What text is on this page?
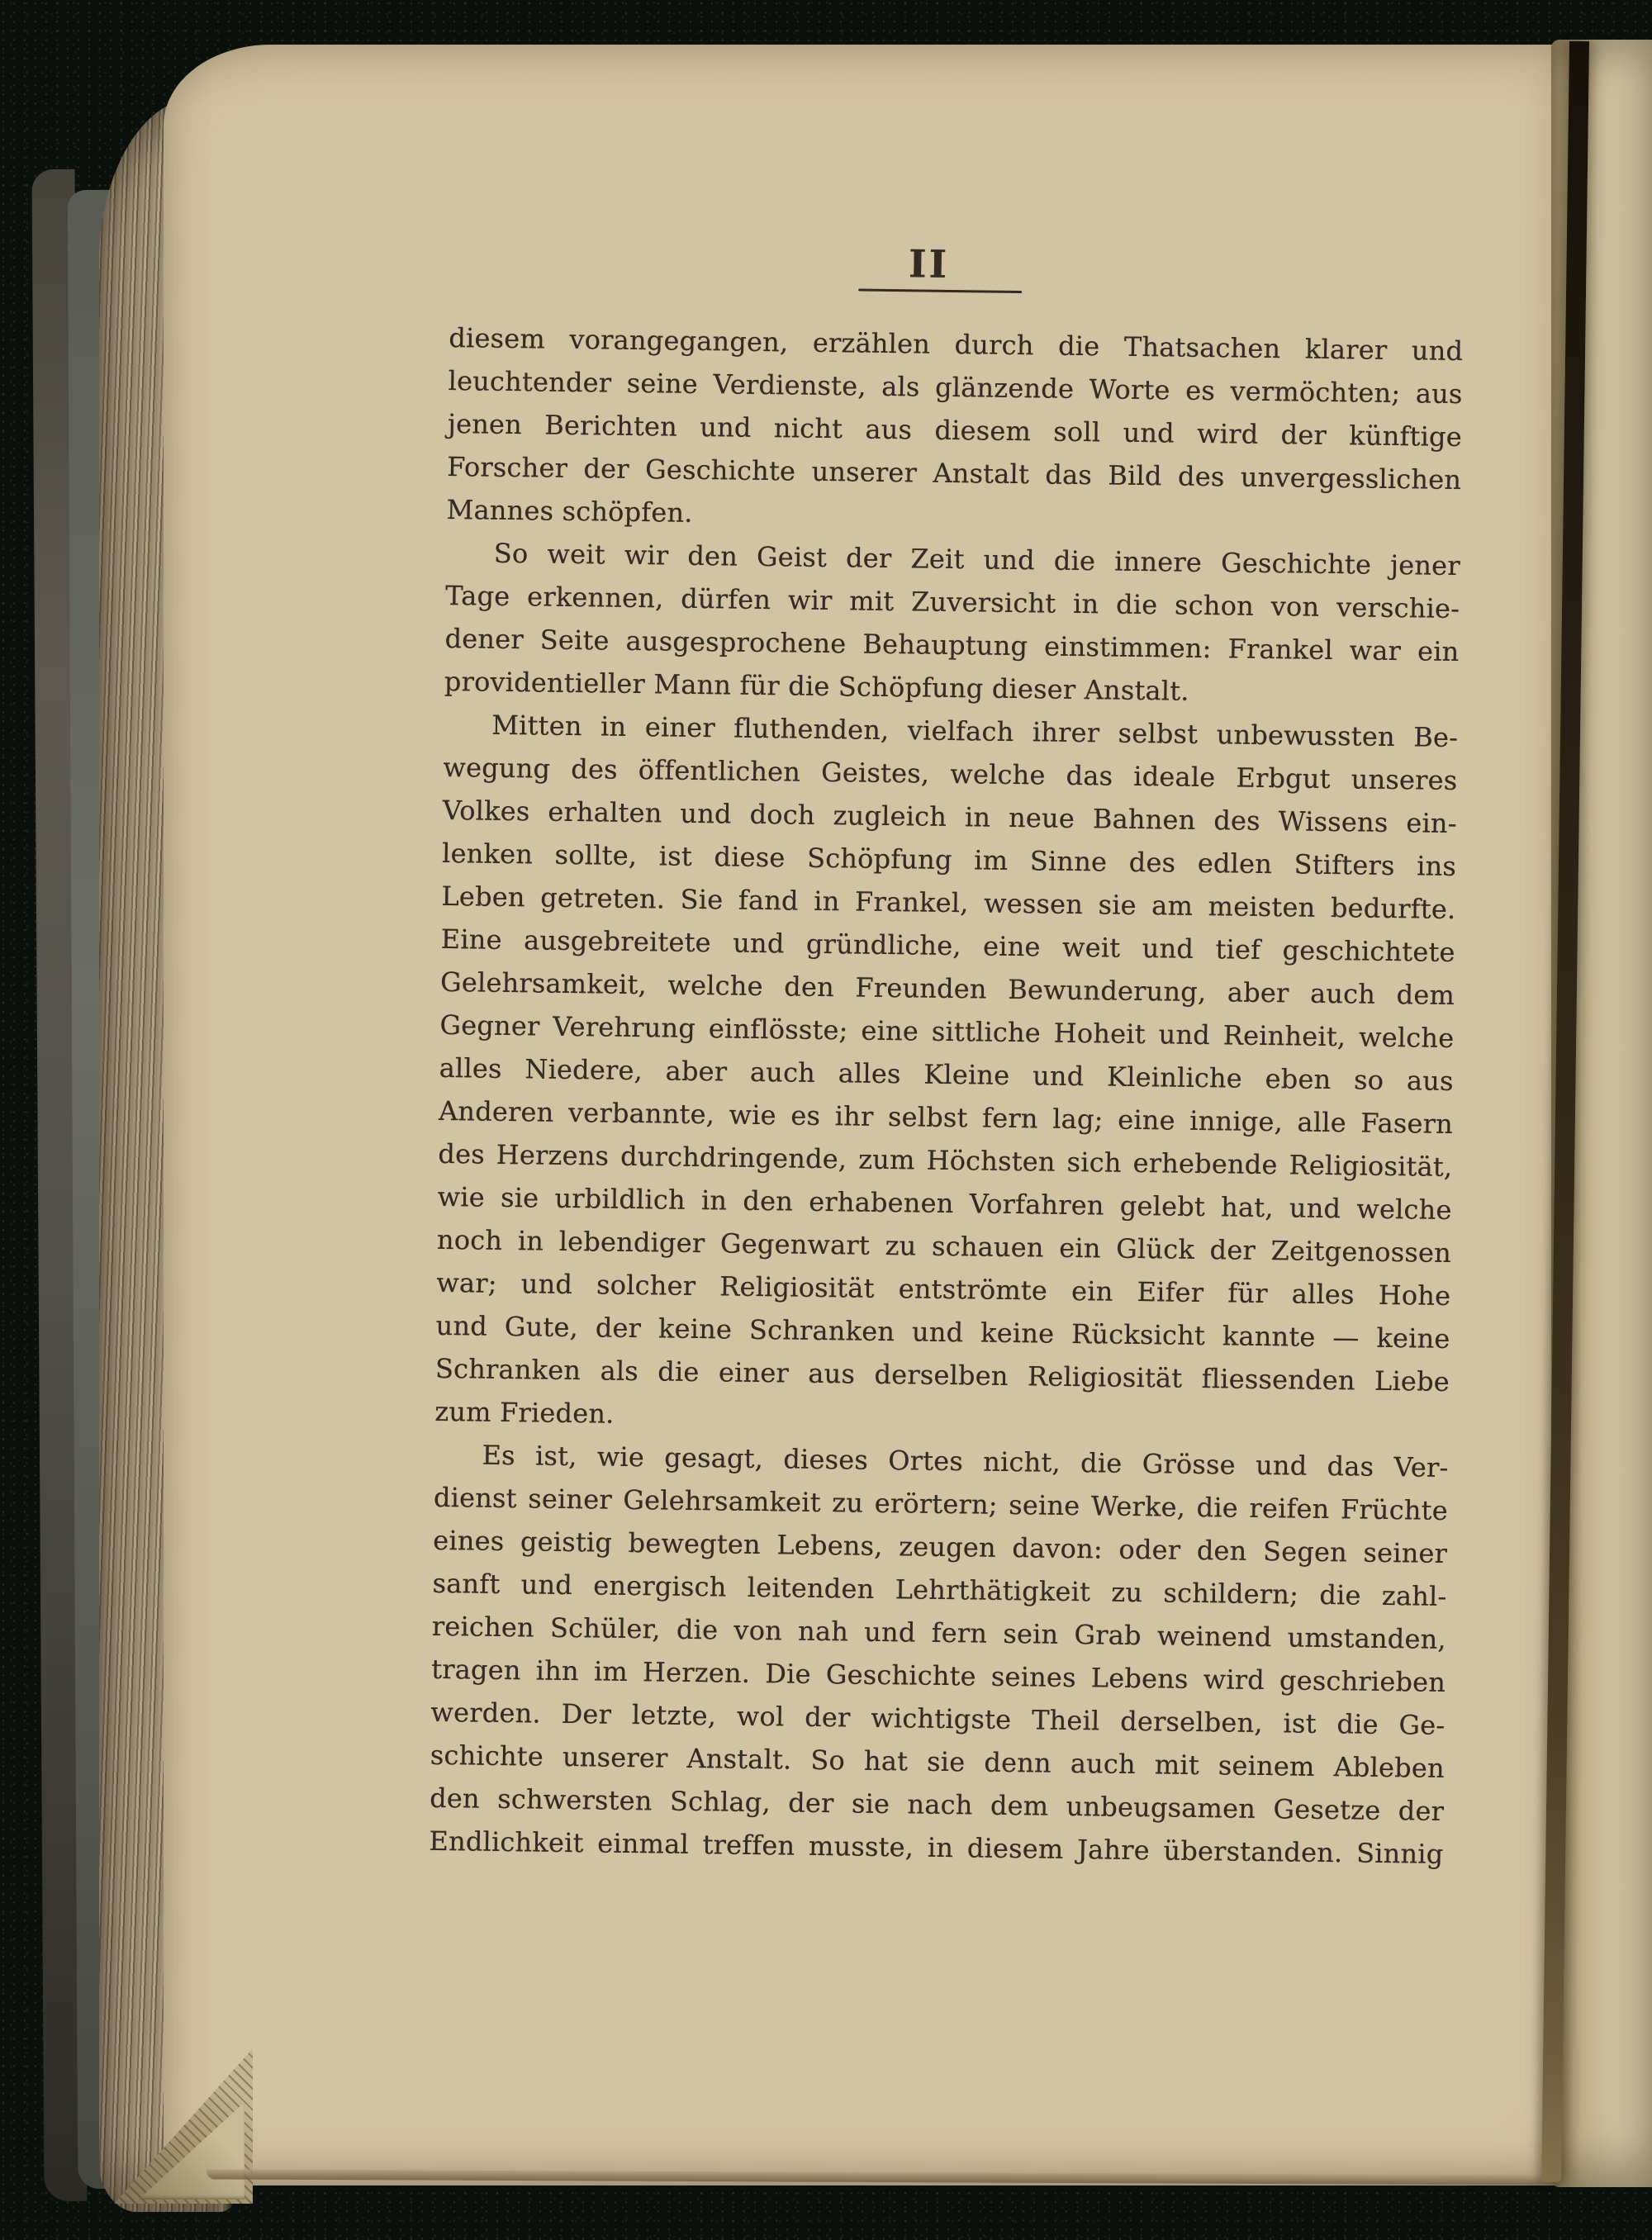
II
diesem vorangegangen, erzählen durch die Thatsachen klarer und
leuchtender seine Verdienste, als glänzende Worte es vermöchten; aus
jenen Berichten und nicht aus diesem soll und wird der künftige
Forscher der Geschichte unserer Anstalt das Bild des unvergesslichen
Mannes schöpfen.
So weit wir den Geist der Zeit und die innere Geschichte jener
Tage erkennen, dürfen wir mit Zuversicht in die schon von verschie-
dener Seite ausgesprochene Behauptung einstimmen: Frankel war ein
providentieller Mann für die Schöpfung dieser Anstalt.
Mitten in einer fluthenden, vielfach ihrer selbst unbewussten Be-
wegung des öffentlichen Geistes, welche das ideale Erbgut unseres
Volkes erhalten und doch zugleich in neue Bahnen des Wissens ein-
lenken sollte, ist diese Schöpfung im Sinne des edlen Stifters ins
Leben getreten. Sie fand in Frankel, wessen sie am meisten bedurfte.
Eine ausgebreitete und gründliche, eine weit und tief geschichtete
Gelehrsamkeit, welche den Freunden Bewunderung, aber auch dem
Gegner Verehrung einflösste; eine sittliche Hoheit und Reinheit, welche
alles Niedere, aber auch alles Kleine und Kleinliche eben so aus
Anderen verbannte, wie es ihr selbst fern lag; eine innige, alle Fasern
des Herzens durchdringende, zum Höchsten sich erhebende Religiosität,
wie sie urbildlich in den erhabenen Vorfahren gelebt hat, und welche
noch in lebendiger Gegenwart zu schauen ein Glück der Zeitgenossen
war; und solcher Religiosität entströmte ein Eifer für alles Hohe
und Gute, der keine Schranken und keine Rücksicht kannte — keine
Schranken als die einer aus derselben Religiosität fliessenden Liebe
zum Frieden.
Es ist, wie gesagt, dieses Ortes nicht, die Grösse und das Ver-
dienst seiner Gelehrsamkeit zu erörtern; seine Werke, die reifen Früchte
eines geistig bewegten Lebens, zeugen davon: oder den Segen seiner
sanft und energisch leitenden Lehrthätigkeit zu schildern; die zahl-
reichen Schüler, die von nah und fern sein Grab weinend umstanden,
tragen ihn im Herzen. Die Geschichte seines Lebens wird geschrieben
werden. Der letzte, wol der wichtigste Theil derselben, ist die Ge-
schichte unserer Anstalt. So hat sie denn auch mit seinem Ableben
den schwersten Schlag, der sie nach dem unbeugsamen Gesetze der
Endlichkeit einmal treffen musste, in diesem Jahre überstanden. Sinnig
